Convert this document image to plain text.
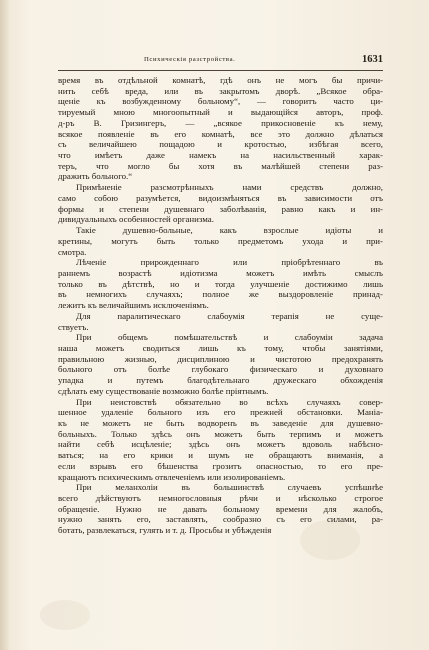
Психическія разстройства.	1631
время въ отдѣльной комнатѣ, гдѣ онъ не могъ бы причи-
нить себѣ вреда, или въ закрытомъ дворѣ. „Всякое обра-
щеніе къ возбужденному больному“, — говоритъ часто ци-
тируемый мною многоопытный и выдающійся авторъ, проф.
д-ръ В. Гризингеръ, — „всякое прикосновеніе къ нему,
всякое появленіе въ его комнатѣ, все это должно дѣлаться
съ величайшею пощадою и кротостью, избѣгая всего,
что имѣетъ даже намекъ на насильственный харак-
теръ, что могло бы хотя въ малѣйшей степени раз-
дражить больного.“
Примѣненіе разсмотрѣнныхъ нами средствъ должно,
само собою разумѣется, видоизмѣняться въ зависимости отъ
формы и степени душевнаго заболѣванія, равно какъ и ин-
дивидуальныхъ особенностей организма.
Такіе душевно-больные, какъ взрослые идіоты и
кретины, могутъ быть только предметомъ ухода и при-
смотра.
Лѣченіе прирожденнаго или пріобрѣтеннаго въ
раннемъ возрастѣ идіотизма можетъ имѣть смыслъ
только въ дѣтствѣ, но и тогда улучшеніе достижимо лишь
въ немногихъ случаяхъ; полное же выздоровленіе принад-
лежитъ къ величайшимъ исключеніямъ.
Для паралитическаго слабоумія терапія не суще-
ствуетъ.
При общемъ помѣшательствѣ и слабоуміи задача
наша можетъ сводиться лишь къ тому, чтобы занятіями,
правильною жизнью, дисциплиною и чистотою предохранять
больного отъ болѣе глубокаго физическаго и духовнаго
упадка и путемъ благодѣтельнаго дружескаго обхожденія
сдѣлать ему существованіе возможно болѣе пріятнымъ.
При неистовствѣ обязательно во всѣхъ случаяхъ совер-
шенное удаленіе больного изъ его прежней обстановки. Маніа-
къ не можетъ не быть водворенъ въ заведеніе для душевно-
больныхъ. Только здѣсь онъ можетъ быть терпимъ и можетъ
найти себѣ исцѣленіе; здѣсь онъ можетъ вдоволь набѣсно-
ваться; на его крики и шумъ не обращаютъ вниманія, а
если взрывъ его бѣшенства грозитъ опасностью, то его пре-
кращаютъ психическимъ отвлеченіемъ или изолированіемъ.
При меланхоліи въ большинствѣ случаевъ успѣшнѣе
всего дѣйствуютъ немногословныя рѣчи и нѣсколько строгое
обращеніе. Нужно не давать больному времени для жалобъ,
нужно занять его, заставлять, сообразно съ его силами, ра-
ботать, развлекаться, гулять и т. д. Просьбы и убѣжденія
